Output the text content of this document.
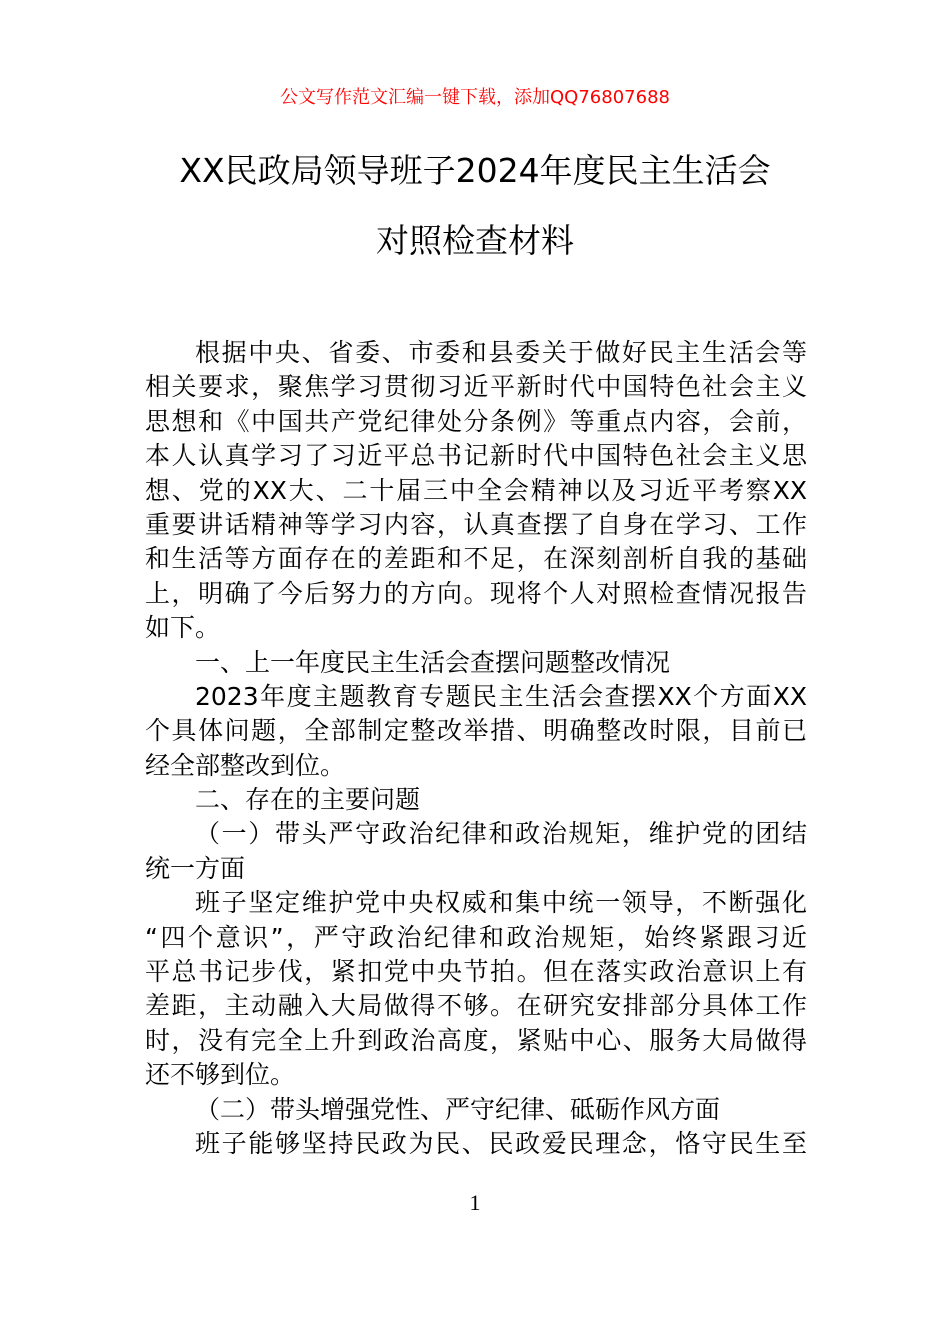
公文写作范文汇编一键下载，添加QQ76807688
XX民政局领导班子2024年度民主生活会
对照检查材料
根据中央、省委、市委和县委关于做好民主生活会等
相关要求，聚焦学习贯彻习近平新时代中国特色社会主义
思想和《中国共产党纪律处分条例》等重点内容，会前，
本人认真学习了习近平总书记新时代中国特色社会主义思
想、党的XX大、二十届三中全会精神以及习近平考察XX
重要讲话精神等学习内容，认真查摆了自身在学习、工作
和生活等方面存在的差距和不足，在深刻剖析自我的基础
上，明确了今后努力的方向。现将个人对照检查情况报告
如下。
一、上一年度民主生活会查摆问题整改情况
2023年度主题教育专题民主生活会查摆XX个方面XX
个具体问题，全部制定整改举措、明确整改时限，目前已
经全部整改到位。
二、存在的主要问题
（一）带头严守政治纪律和政治规矩，维护党的团结
统一方面
班子坚定维护党中央权威和集中统一领导，不断强化
“四个意识”，严守政治纪律和政治规矩，始终紧跟习近
平总书记步伐，紧扣党中央节拍。但在落实政治意识上有
差距，主动融入大局做得不够。在研究安排部分具体工作
时，没有完全上升到政治高度，紧贴中心、服务大局做得
还不够到位。
（二）带头增强党性、严守纪律、砥砺作风方面
班子能够坚持民政为民、民政爱民理念，恪守民生至
1
